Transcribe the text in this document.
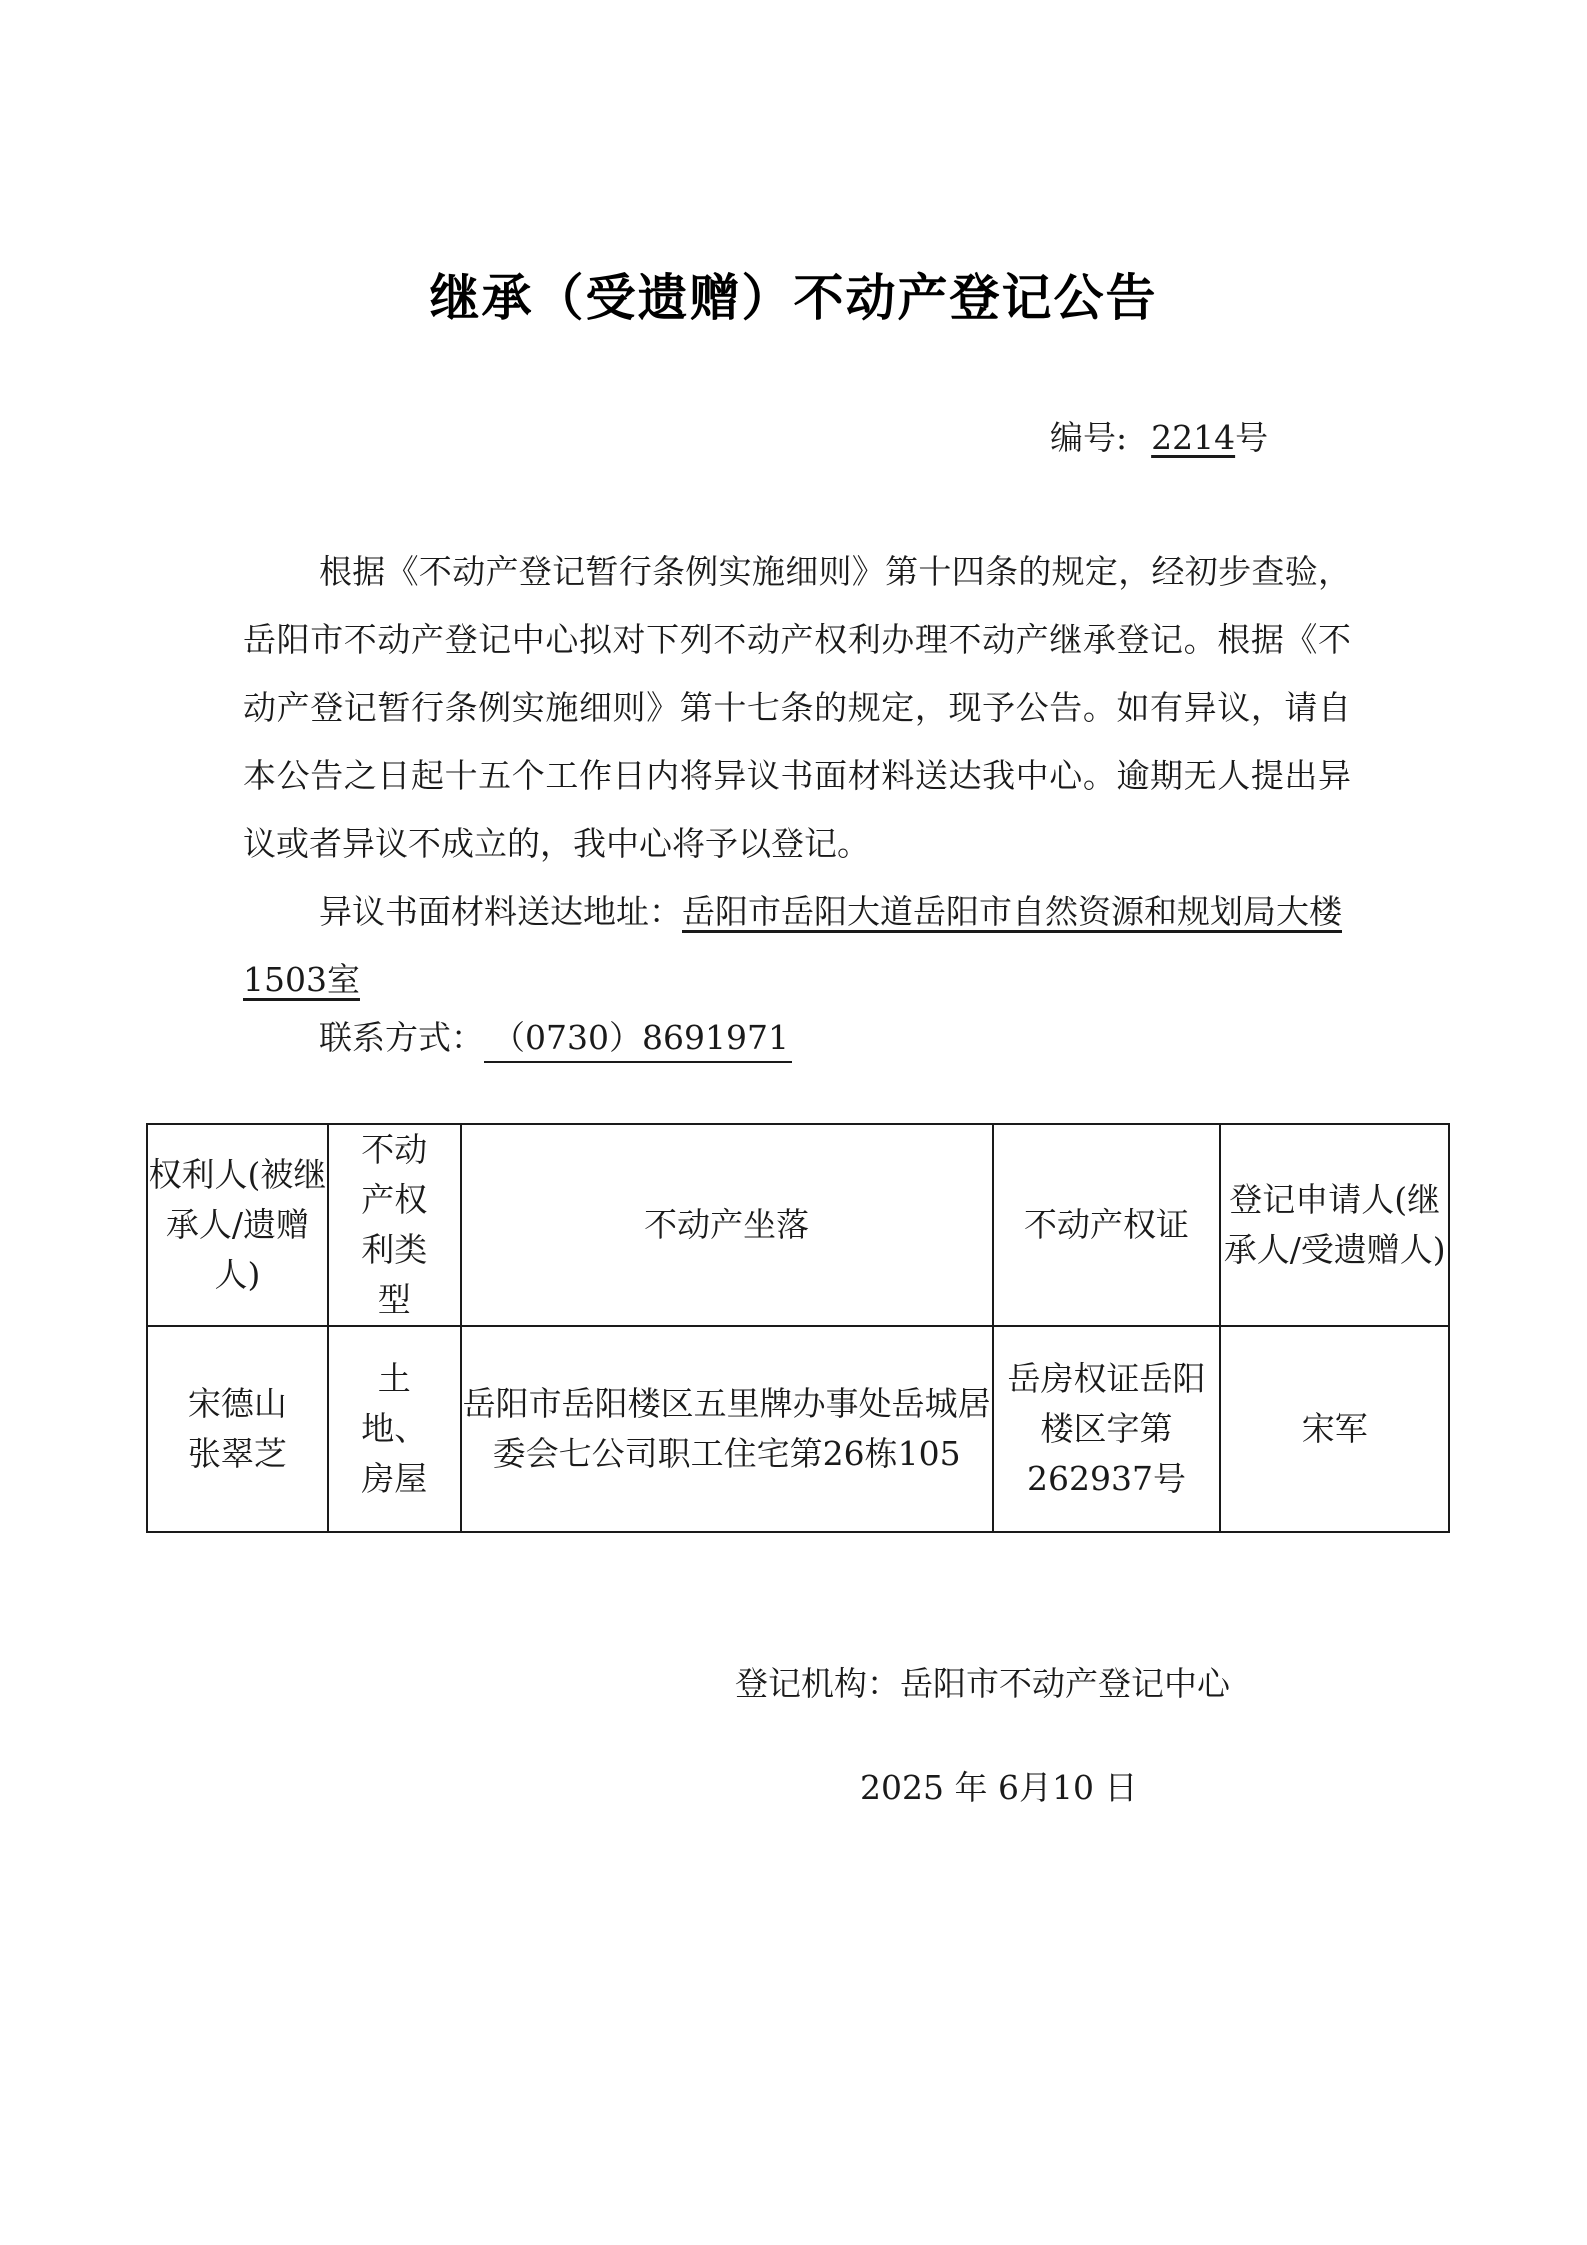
继承（受遗赠）不动产登记公告
编号: 2214号

根据《不动产登记暂行条例实施细则》第十四条的规定，经初步查验，岳阳市不动产登记中心拟对下列不动产权利办理不动产继承登记。根据《不动产登记暂行条例实施细则》第十七条的规定，现予公告。如有异议，请自本公告之日起十五个工作日内将异议书面材料送达我中心。逾期无人提出异议或者异议不成立的，我中心将予以登记。

异议书面材料送达地址：岳阳市岳阳大道岳阳市自然资源和规划局大楼1503室

联系方式： （0730）8691971
权利人(被继承人/遗赠人)	不动产权利类型	不动产坐落	不动产权证	登记申请人(继承人/受遗赠人)
宋德山 张翠芝	土地、房屋	岳阳市岳阳楼区五里牌办事处岳城居委会七公司职工住宅第26栋105	岳房权证岳阳楼区字第262937号	宋军
登记机构：岳阳市不动产登记中心
2025 年 6月10 日
